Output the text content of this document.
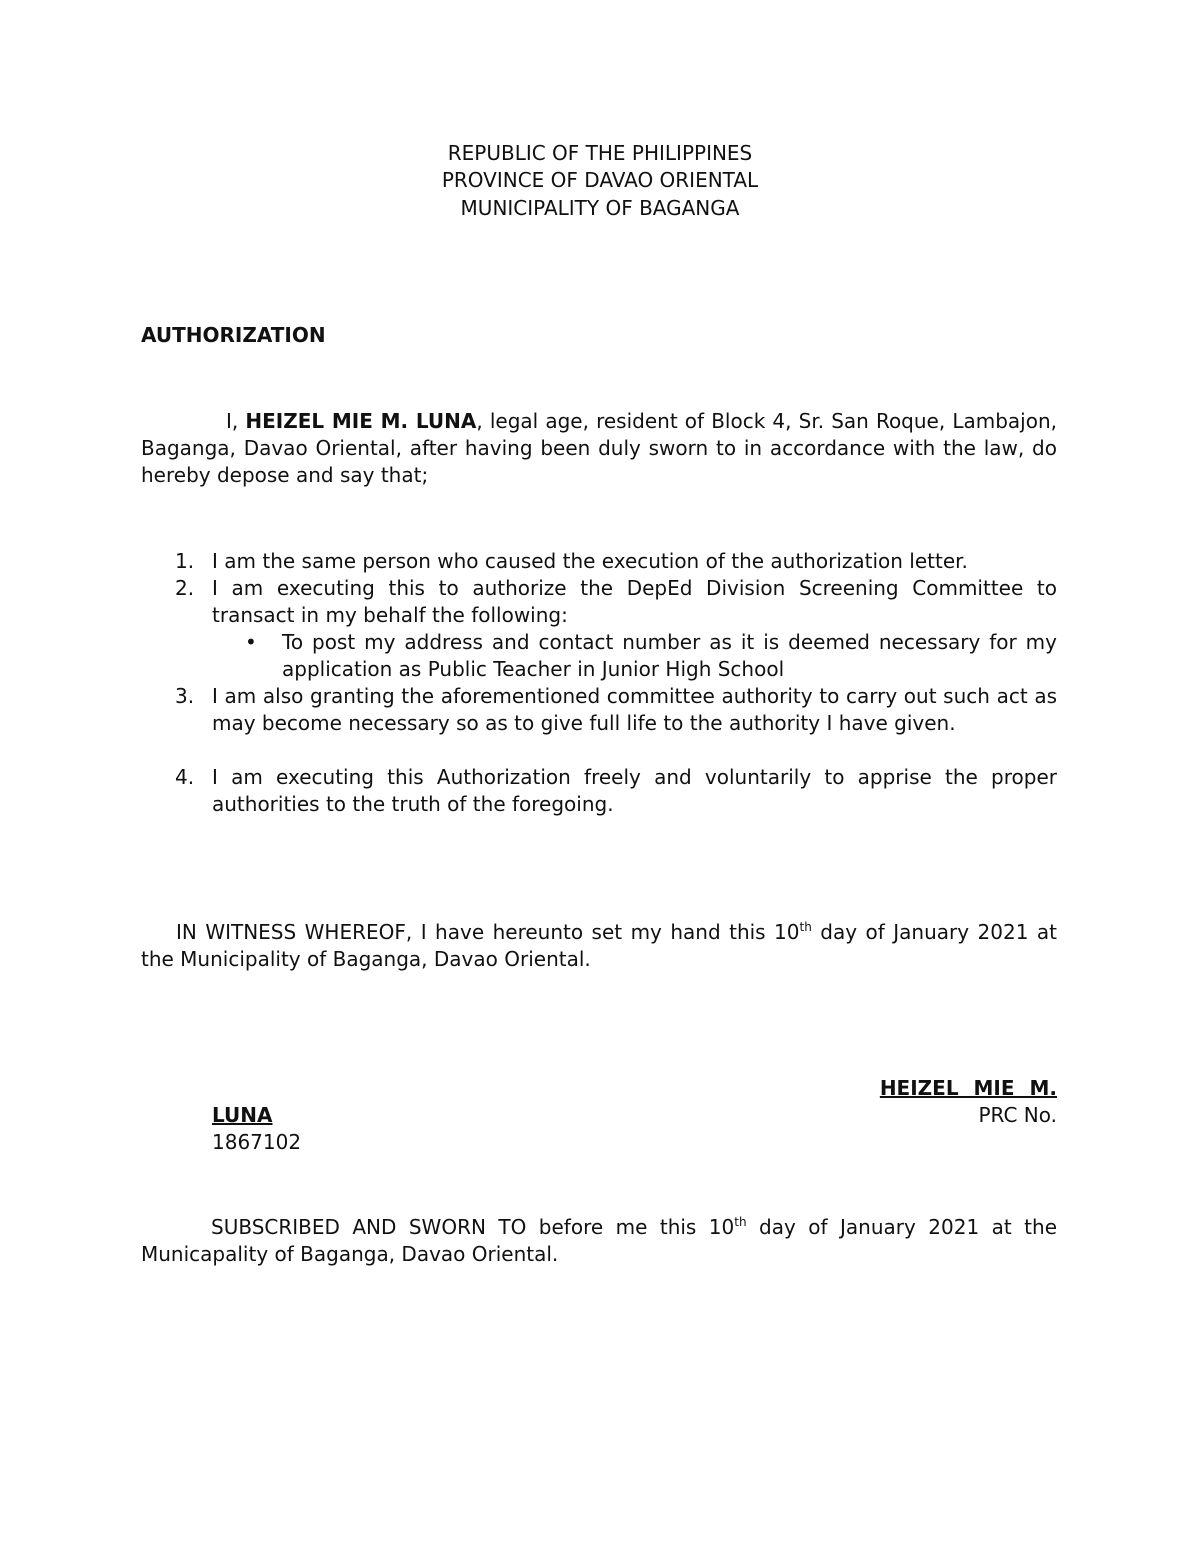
REPUBLIC OF THE PHILIPPINES
PROVINCE OF DAVAO ORIENTAL
MUNICIPALITY OF BAGANGA
AUTHORIZATION
I, HEIZEL MIE M. LUNA, legal age, resident of Block 4, Sr. San Roque, Lambajon, Baganga, Davao Oriental, after having been duly sworn to in accordance with the law, do hereby depose and say that;
1. I am the same person who caused the execution of the authorization letter.
2. I am executing this to authorize the DepEd Division Screening Committee to transact in my behalf the following:
• To post my address and contact number as it is deemed necessary for my application as Public Teacher in Junior High School
3. I am also granting the aforementioned committee authority to carry out such act as may become necessary so as to give full life to the authority I have given.
4. I am executing this Authorization freely and voluntarily to apprise the proper authorities to the truth of the foregoing.
IN WITNESS WHEREOF, I have hereunto set my hand this 10th day of January 2021 at the Municipality of Baganga, Davao Oriental.
HEIZEL MIE M.
LUNA	PRC No.
1867102
SUBSCRIBED AND SWORN TO before me this 10th day of January 2021 at the Municapality of Baganga, Davao Oriental.
